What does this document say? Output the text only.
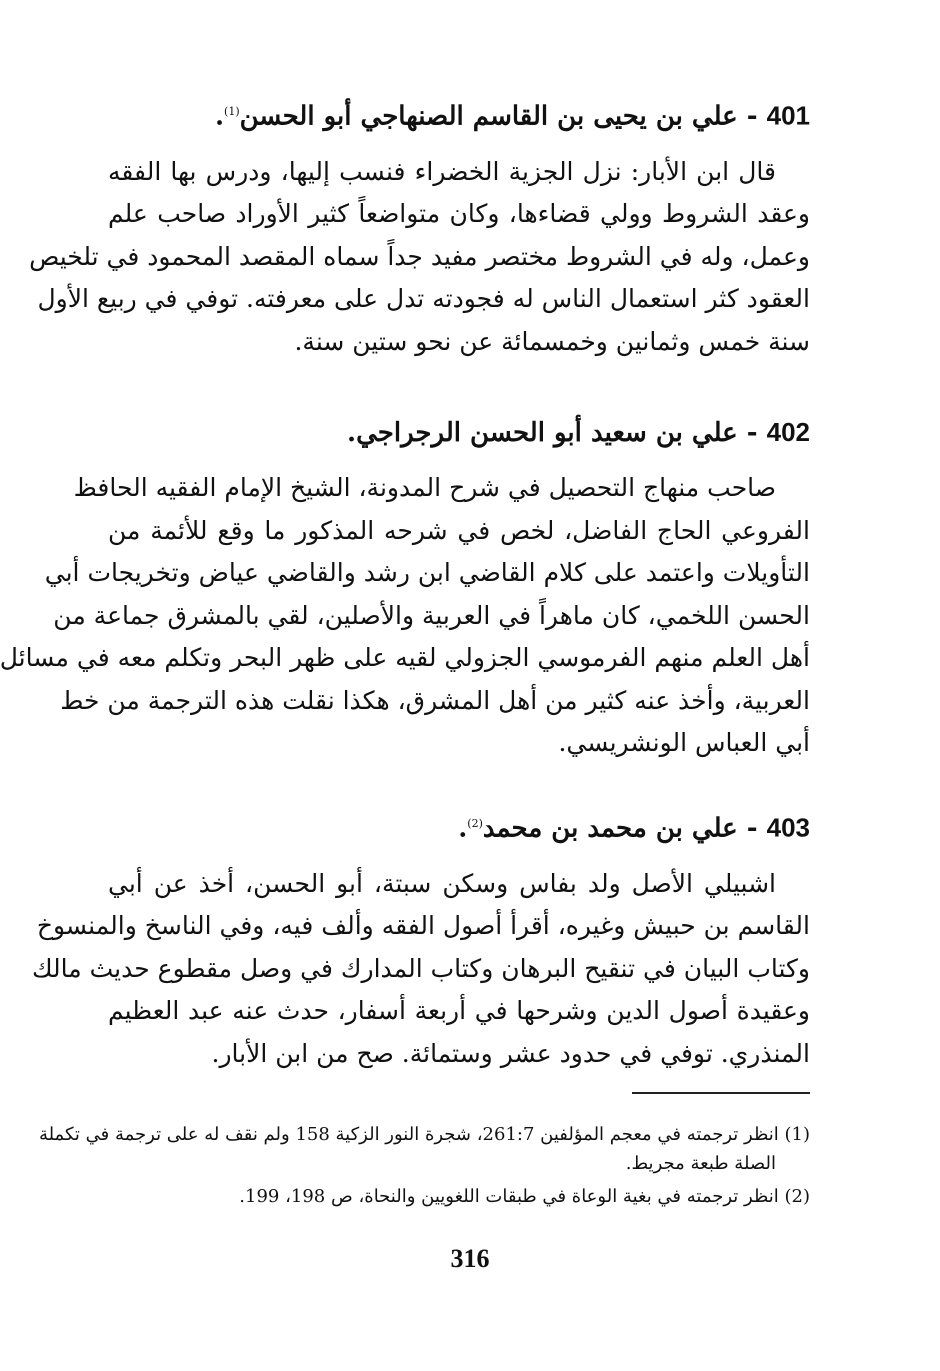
401 - علي بن يحيى بن القاسم الصنهاجي أبو الحسن$^{(1)}$.
قال ابن الأبار: نزل الجزية الخضراء فنسب إليها، ودرس بها الفقه
وعقد الشروط وولي قضاءها، وكان متواضعاً كثير الأوراد صاحب علم
وعمل، وله في الشروط مختصر مفيد جداً سماه المقصد المحمود في تلخيص
العقود كثر استعمال الناس له فجودته تدل على معرفته. توفي في ربيع الأول
سنة خمس وثمانين وخمسمائة عن نحو ستين سنة.
402 - علي بن سعيد أبو الحسن الرجراجي.
صاحب منهاج التحصيل في شرح المدونة، الشيخ الإمام الفقيه الحافظ
الفروعي الحاج الفاضل، لخص في شرحه المذكور ما وقع للأئمة من
التأويلات واعتمد على كلام القاضي ابن رشد والقاضي عياض وتخريجات أبي
الحسن اللخمي، كان ماهراً في العربية والأصلين، لقي بالمشرق جماعة من
أهل العلم منهم الفرموسي الجزولي لقيه على ظهر البحر وتكلم معه في مسائل
العربية، وأخذ عنه كثير من أهل المشرق، هكذا نقلت هذه الترجمة من خط
أبي العباس الونشريسي.
403 - علي بن محمد بن محمد$^{(2)}$.
اشبيلي الأصل ولد بفاس وسكن سبتة، أبو الحسن، أخذ عن أبي
القاسم بن حبيش وغيره، أقرأ أصول الفقه وألف فيه، وفي الناسخ والمنسوخ
وكتاب البيان في تنقيح البرهان وكتاب المدارك في وصل مقطوع حديث مالك
وعقيدة أصول الدين وشرحها في أربعة أسفار، حدث عنه عبد العظيم
المنذري. توفي في حدود عشر وستمائة. صح من ابن الأبار.
(1) انظر ترجمته في معجم المؤلفين 261:7، شجرة النور الزكية 158 ولم نقف له على ترجمة في تكملة
الصلة طبعة مجريط.
(2) انظر ترجمته في بغية الوعاة في طبقات اللغويين والنحاة، ص 198، 199.
316
